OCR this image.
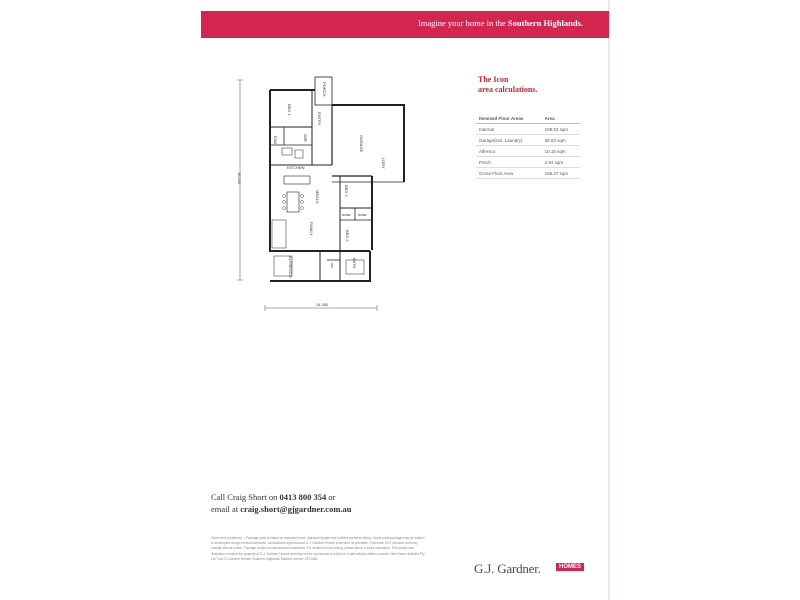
Imagine your home in the Southern Highlands.
PORCH
ENTRY
BED 1
ENS	WIR	GARAGE
LDRY
KITCHEN
MEALS	BED 3
FAMILY
ROBE ROBE
BED 2
ALFRESCO	BATH
WC
14,300
16,250
The Icon
area calculations.
Itemised Floor Areas	Area
Internal	108.53 sqm
Garage(incl. Laundry)	38.63 sqm
Alfresco	10.15 sqm
Porch	2.94 sqm
Gross Floor Area	156.27 sqm
Call Craig Short on 0413 800 354 or
email at craig.short@gjgardner.com.au
Terms and conditions* – Package price is based on standard home, standard façade and builders preferred siting. House price/package may be subject to developers design review/covenants, council/bank approval and G.J. Gardner Homes procedure at purchase. Prices are GST inclusive and may change without notice. Package subject to land deposit constraints. For detailed home pricing, please talk to a sales consultant. This design and illustration remains the property of G.J. Gardner Homes and may not be reproduced in whole or in part without written consent. New Haven Builders Pty Ltd T/as GJ Gardner Homes Southern Highlands Builders licence: 157148C
G.J. Gardner.	HOMES
